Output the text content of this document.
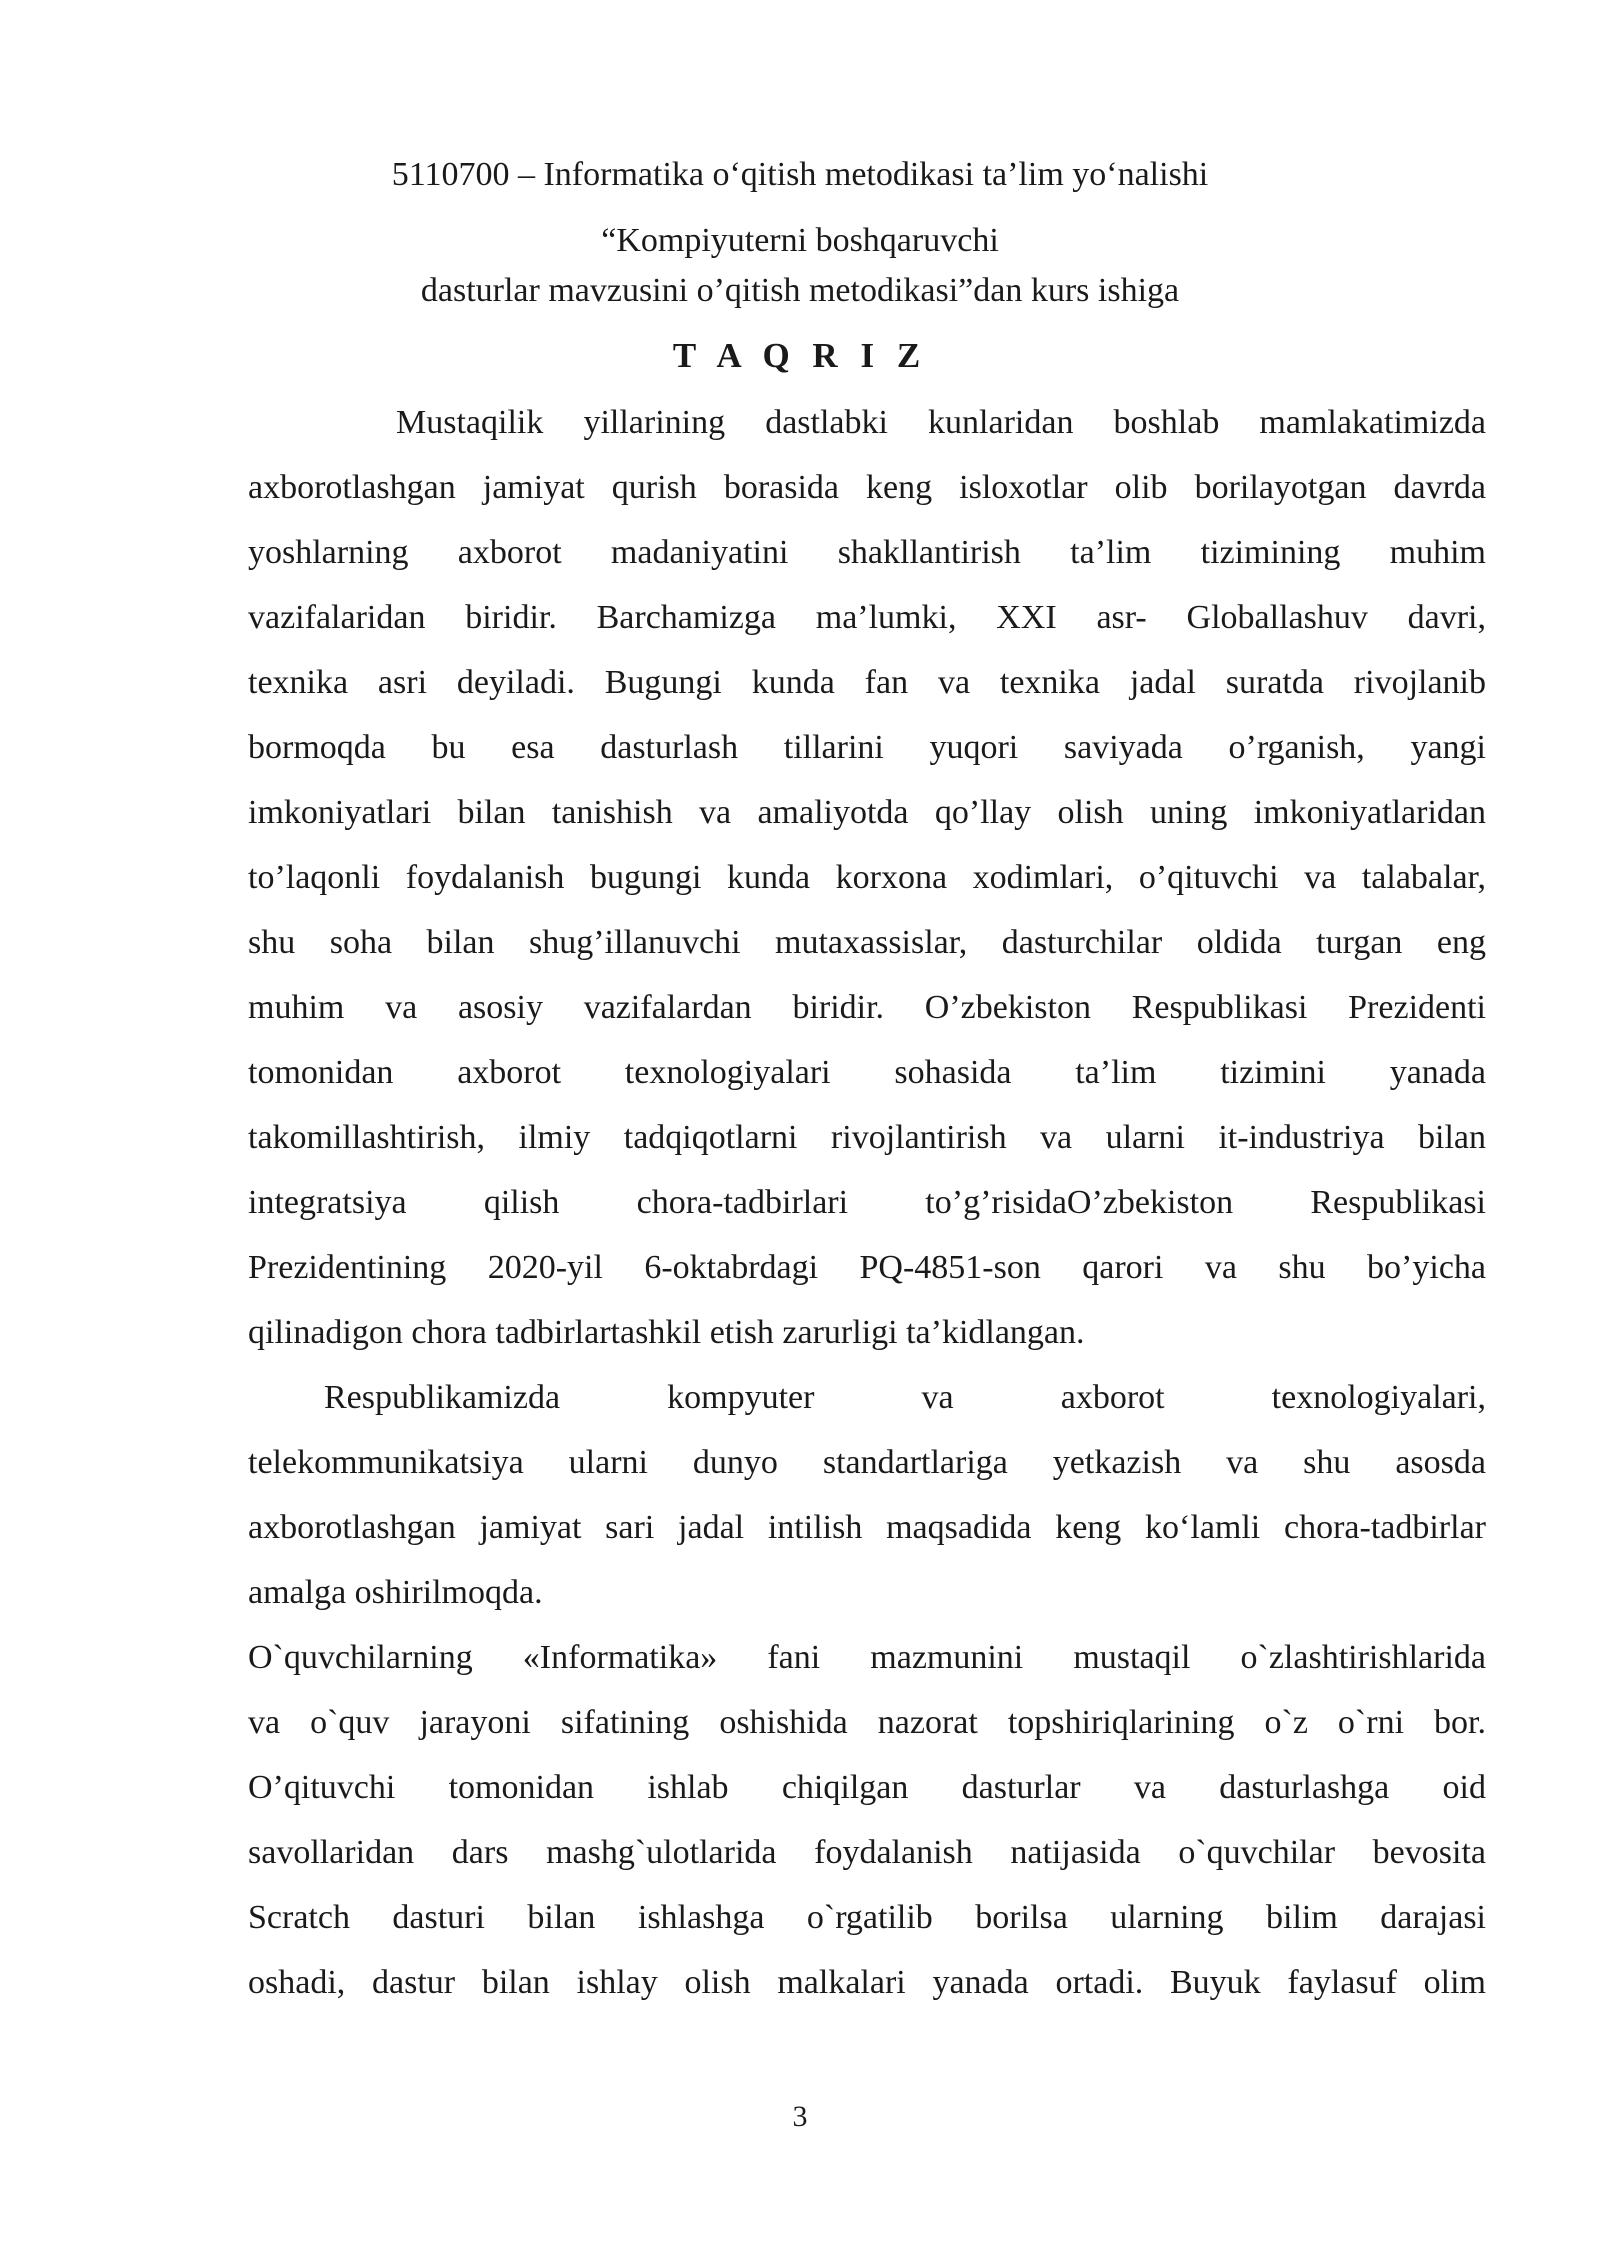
5110700 – Informatika o‘qitish metodikasi ta’lim yo‘nalishi
“Kompiyuterni boshqaruvchi
dasturlar mavzusini o’qitish metodikasi”dan kurs ishiga
T A Q R I Z
Mustaqilik yillarining dastlabki kunlaridan boshlab mamlakatimizda
axborotlashgan jamiyat qurish borasida keng isloxotlar olib borilayotgan davrda
yoshlarning axborot madaniyatini shakllantirish ta’lim tizimining muhim
vazifalaridan biridir. Barchamizga ma’lumki, XXI asr- Globallashuv davri,
texnika asri deyiladi. Bugungi kunda fan va texnika jadal suratda rivojlanib
bormoqda bu esa dasturlash tillarini yuqori saviyada o’rganish, yangi
imkoniyatlari bilan tanishish va amaliyotda qo’llay olish uning imkoniyatlaridan
to’laqonli foydalanish bugungi kunda korxona xodimlari, o’qituvchi va talabalar,
shu soha bilan shug’illanuvchi mutaxassislar, dasturchilar oldida turgan eng
muhim va asosiy vazifalardan biridir. O’zbekiston Respublikasi Prezidenti
tomonidan axborot texnologiyalari sohasida ta’lim tizimini yanada
takomillashtirish, ilmiy tadqiqotlarni rivojlantirish va ularni it-industriya bilan
integratsiya qilish chora-tadbirlari to’g’risidaO’zbekiston Respublikasi
Prezidentining 2020-yil 6-oktabrdagi PQ-4851-son qarori va shu bo’yicha
qilinadigon chora tadbirlartashkil etish zarurligi ta’kidlangan.
Respublikamizda kompyuter va axborot texnologiyalari,
telekommunikatsiya ularni dunyo standartlariga yetkazish va shu asosda
axborotlashgan jamiyat sari jadal intilish maqsadida keng ko‘lamli chora-tadbirlar
amalga oshirilmoqda.
O`quvchilarning «Informatika» fani mazmunini mustaqil o`zlashtirishlarida
va o`quv jarayoni sifatining oshishida nazorat topshiriqlarining o`z o`rni bor.
O’qituvchi tomonidan ishlab chiqilgan dasturlar va dasturlashga oid
savollaridan dars mashg`ulotlarida foydalanish natijasida o`quvchilar bevosita
Scratch dasturi bilan ishlashga o`rgatilib borilsa ularning bilim darajasi
oshadi, dastur bilan ishlay olish malkalari yanada ortadi. Buyuk faylasuf olim
3
